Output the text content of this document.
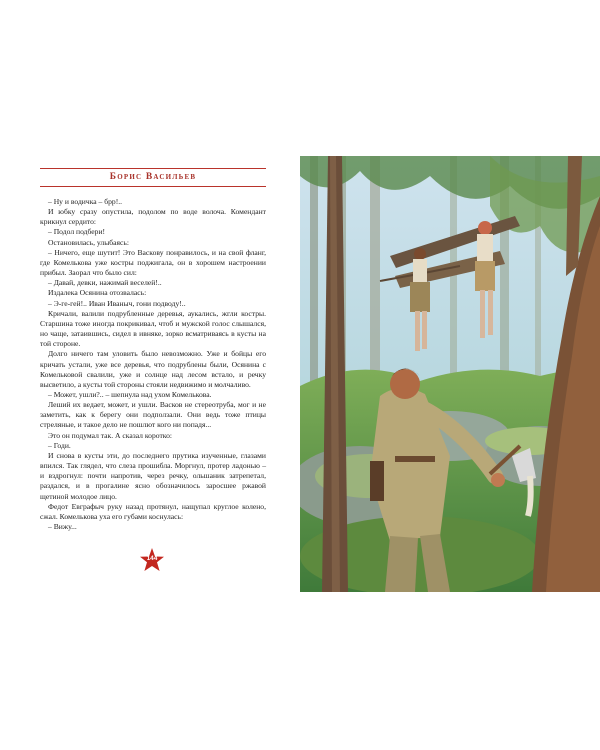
Борис Васильев

– Ну и водичка – брр!..

И юбку сразу опустила, подолом по воде волоча. Комендант крикнул сердито:

– Подол подбери!

Остановилась, улыбаясь:

– Ничего, еще шутит! Это Васкову понравилось, и на свой фланг, где Комелькова уже костры поджигала, он в хорошем настроении прибыл. Заорал что было сил:

– Давай, девки, нажимай веселей!..

Издалека Осянина отозвалась:

– Э-ге-гей!.. Иван Иваныч, гони подводу!..

Кричали, валили подрубленные деревья, аукались, жгли костры. Старшина тоже иногда покрикивал, чтоб и мужской голос слышался, но чаще, затаившись, сидел в ивняке, зорко всматриваясь в кусты на той стороне.

Долго ничего там уловить было невозможно. Уже и бойцы его кричать устали, уже все деревья, что подрублены были, Осянина с Комельковой свалили, уже и солнце над лесом встало, и речку высветило, а кусты той стороны стояли недвижимо и молчаливо.

– Может, ушли?.. – шепнула над ухом Комелькова.

Леший их ведает, может, и ушли. Васков не стереотруба, мог и не заметить, как к берегу они подползали. Они ведь тоже птицы стреляные, и такое дело не пошлют кого ни попадя...

Это он подумал так. А сказал коротко:

– Годи.

И снова в кусты эти, до последнего прутика изученные, глазами впился. Так глядел, что слеза прошибла. Моргнул, протер ладонью – и вздрогнул: почти напротив, через речку, ольшаник затрепетал, раздался, и в прогалине ясно обозначилось заросшее ржавой щетиной молодое лицо.

Федот Евграфыч руку назад протянул, нащупал круглое колено, сжал. Комелькова уха его губами коснулась:

– Вижу...

144
